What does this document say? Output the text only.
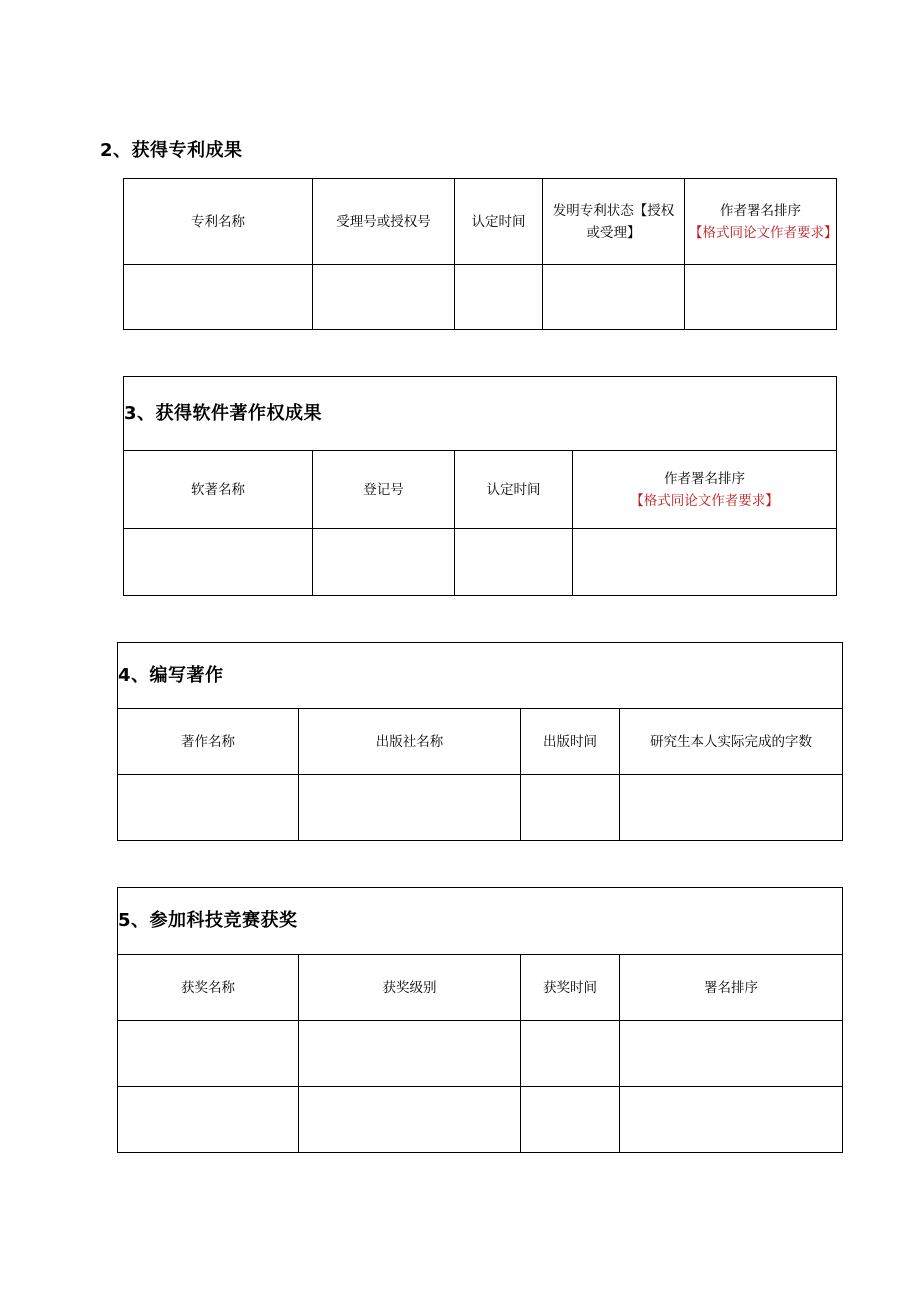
2、获得专利成果
专利名称	受理号或授权号	认定时间	发明专利状态【授权或受理】	作者署名排序
【格式同论文作者要求】

3、获得软件著作权成果			
软著名称	登记号	认定时间	作者署名排序
【格式同论文作者要求】

4、编写著作			
著作名称	出版社名称	出版时间	研究生本人实际完成的字数

5、参加科技竞赛获奖			
获奖名称	获奖级别	获奖时间	署名排序
